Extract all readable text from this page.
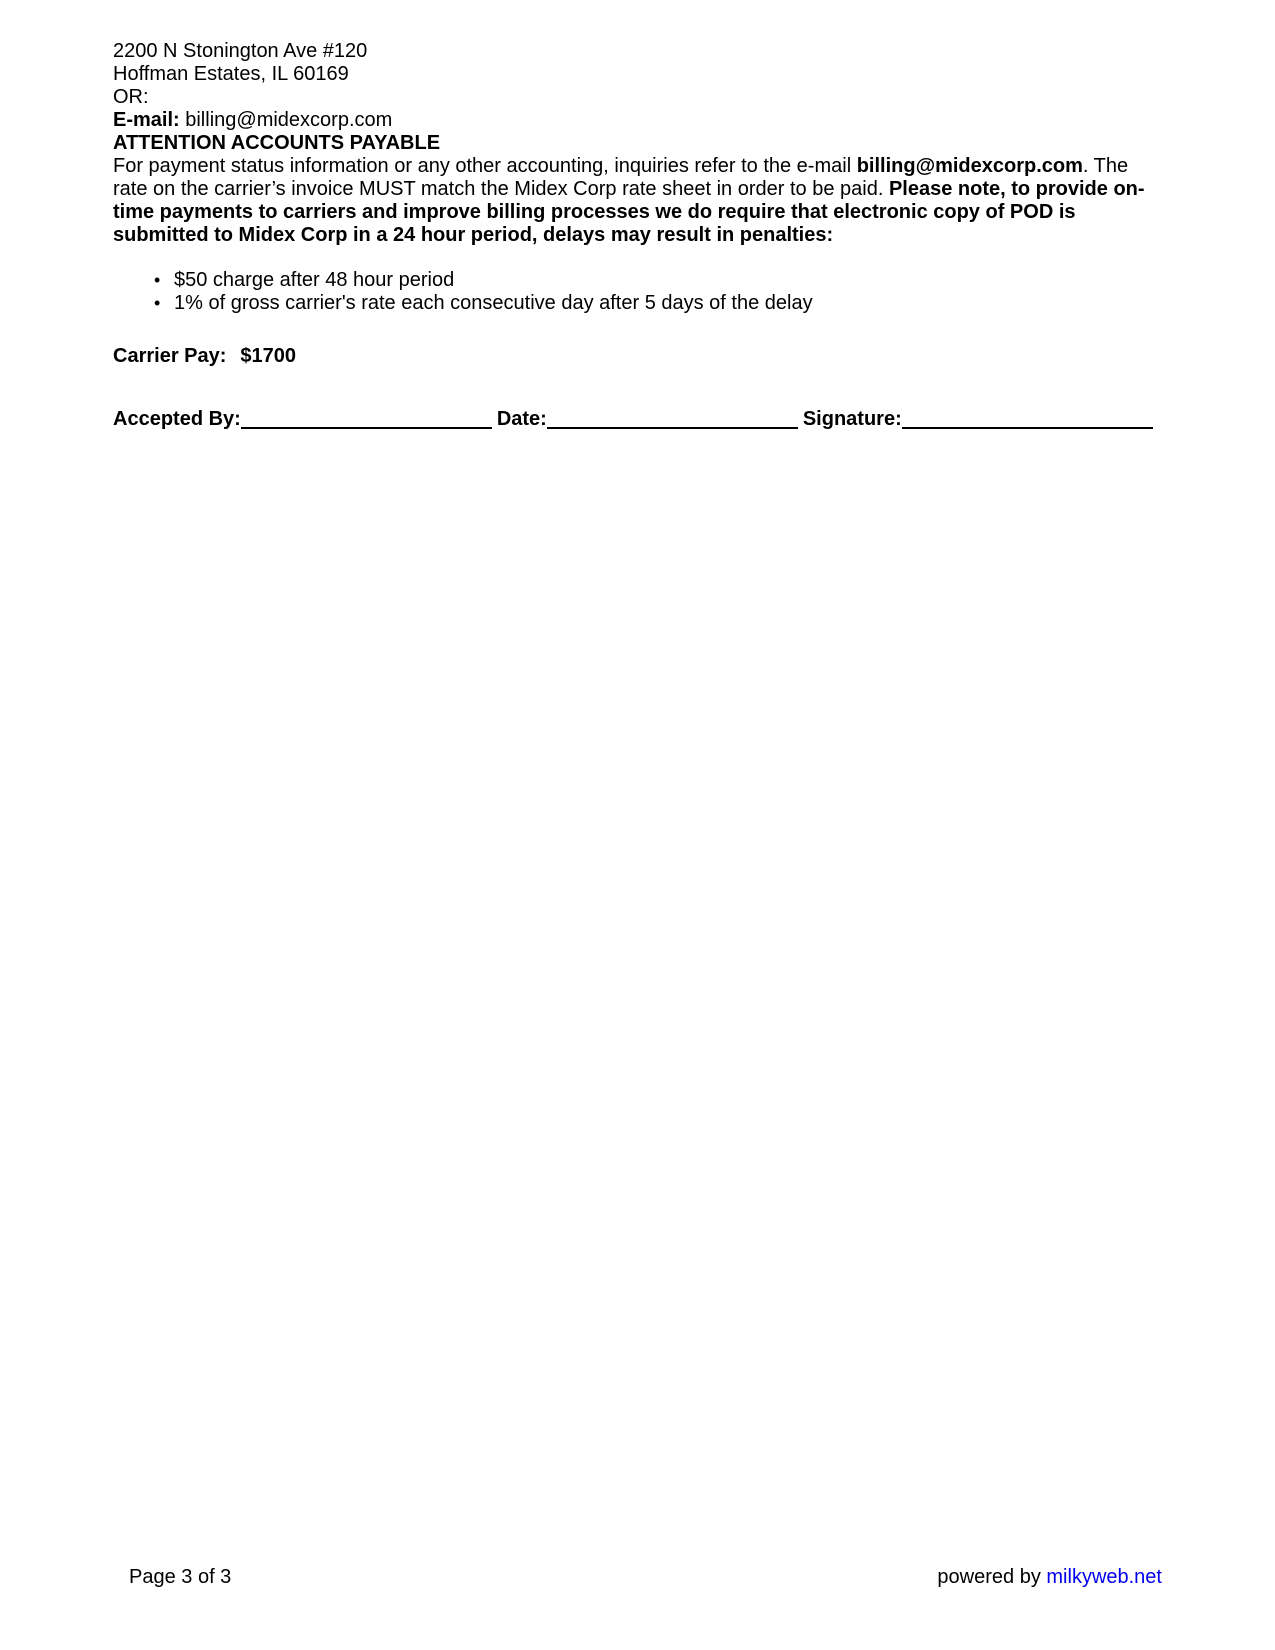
2200 N Stonington Ave #120
Hoffman Estates, IL 60169
OR:
E-mail: billing@midexcorp.com
ATTENTION ACCOUNTS PAYABLE

For payment status information or any other accounting, inquiries refer to the e-mail billing@midexcorp.com. The rate on the carrier’s invoice MUST match the Midex Corp rate sheet in order to be paid. Please note, to provide on-time payments to carriers and improve billing processes we do require that electronic copy of POD is submitted to Midex Corp in a 24 hour period, delays may result in penalties:

• $50 charge after 48 hour period
• 1% of gross carrier's rate each consecutive day after 5 days of the delay
Carrier Pay: $1700
Accepted By:	Date:	Signature:
Page 3 of 3	powered by milkyweb.net
